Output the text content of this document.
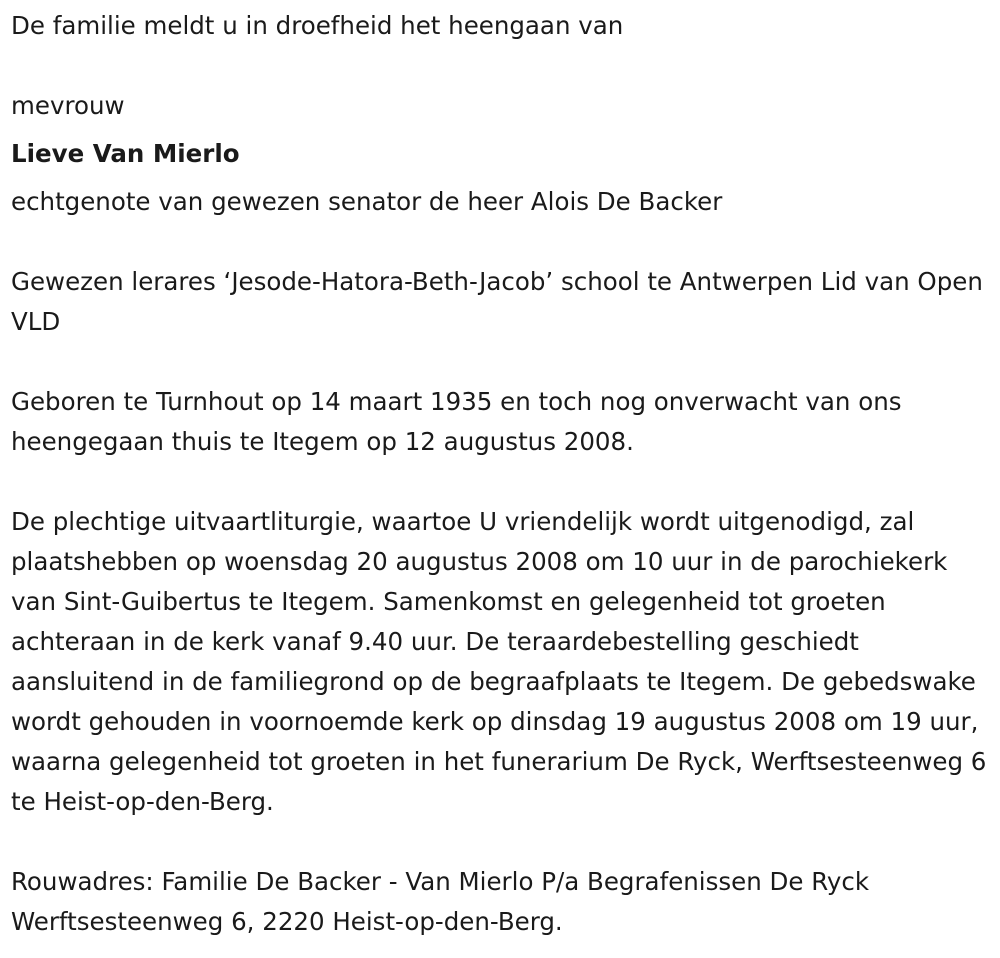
De familie meldt u in droefheid het heengaan van

mevrouw

Lieve Van Mierlo

echtgenote van gewezen senator de heer Alois De Backer

Gewezen lerares ‘Jesode-Hatora-Beth-Jacob’ school te Antwerpen Lid van Open VLD

Geboren te Turnhout op 14 maart 1935 en toch nog onverwacht van ons heengegaan thuis te Itegem op 12 augustus 2008.

De plechtige uitvaartliturgie, waartoe U vriendelijk wordt uitgenodigd, zal plaatshebben op woensdag 20 augustus 2008 om 10 uur in de parochiekerk van Sint-Guibertus te Itegem. Samenkomst en gelegenheid tot groeten achteraan in de kerk vanaf 9.40 uur. De teraardebestelling geschiedt aansluitend in de familiegrond op de begraafplaats te Itegem. De gebedswake wordt gehouden in voornoemde kerk op dinsdag 19 augustus 2008 om 19 uur, waarna gelegenheid tot groeten in het funerarium De Ryck, Werftsesteenweg 6 te Heist-op-den-Berg.

Rouwadres: Familie De Backer - Van Mierlo P/a Begrafenissen De Ryck Werftsesteenweg 6, 2220 Heist-op-den-Berg.
